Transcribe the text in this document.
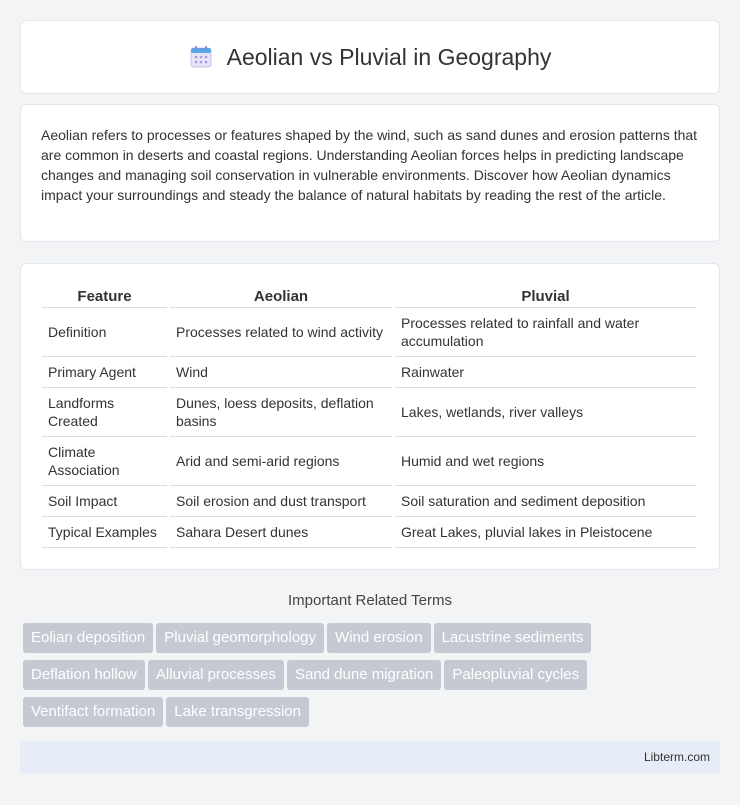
Aeolian vs Pluvial in Geography

Aeolian refers to processes or features shaped by the wind, such as sand dunes and erosion patterns that are common in deserts and coastal regions. Understanding Aeolian forces helps in predicting landscape changes and managing soil conservation in vulnerable environments. Discover how Aeolian dynamics impact your surroundings and steady the balance of natural habitats by reading the rest of the article.

Feature	Aeolian	Pluvial
Definition	Processes related to wind activity	Processes related to rainfall and water accumulation
Primary Agent	Wind	Rainwater
Landforms Created	Dunes, loess deposits, deflation basins	Lakes, wetlands, river valleys
Climate Association	Arid and semi-arid regions	Humid and wet regions
Soil Impact	Soil erosion and dust transport	Soil saturation and sediment deposition
Typical Examples	Sahara Desert dunes	Great Lakes, pluvial lakes in Pleistocene
Important Related Terms
Eolian deposition Pluvial geomorphology Wind erosion Lacustrine sediments
Deflation hollow Alluvial processes Sand dune migration Paleopluvial cycles
Ventifact formation Lake transgression
Libterm.com
